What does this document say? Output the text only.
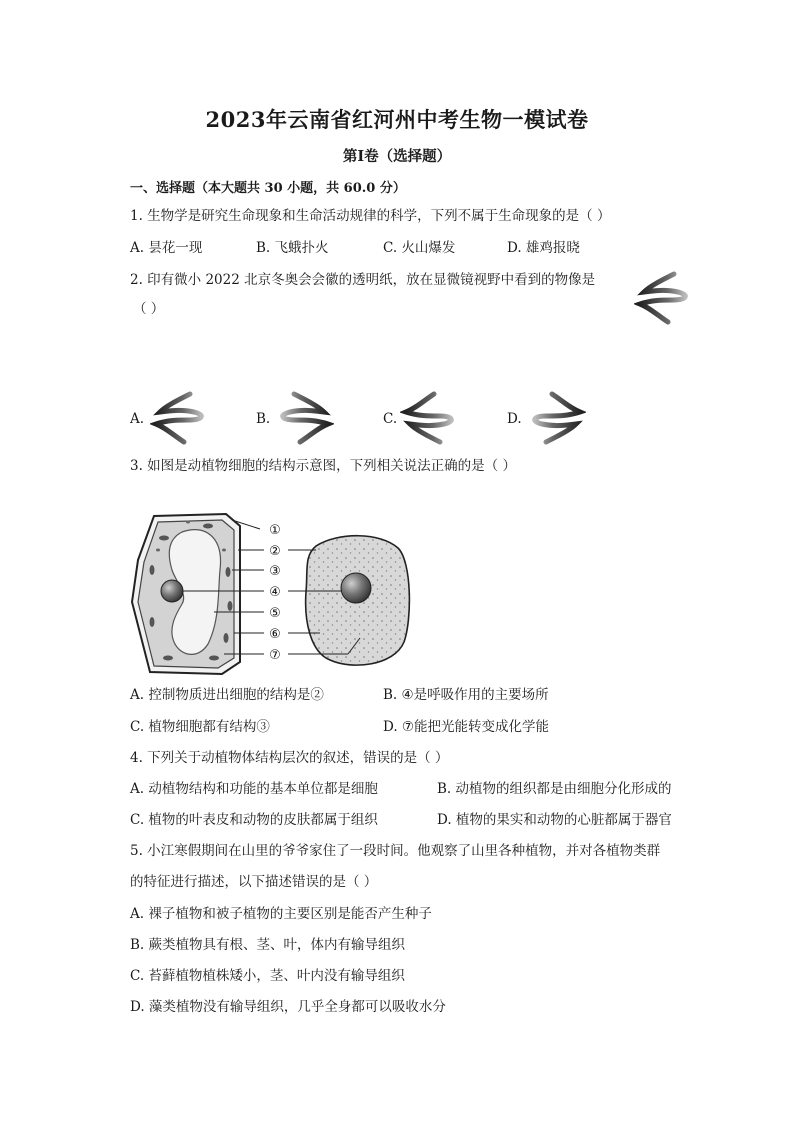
2023年云南省红河州中考生物一模试卷
第I卷（选择题）
一、选择题（本大题共 30 小题，共 60.0 分）
1. 生物学是研究生命现象和生命活动规律的科学，下列不属于生命现象的是（ ）
A. 昙花一现	B. 飞蛾扑火	C. 火山爆发	D. 雄鸡报晓
2. 印有微小 2022 北京冬奥会会徽的透明纸，放在显微镜视野中看到的物像是
（ ）
A.	B.	C.	D.
3. 如图是动植物细胞的结构示意图，下列相关说法正确的是（ ）
①
②
③
④
⑤
⑥
⑦
A. 控制物质进出细胞的结构是②	B. ④是呼吸作用的主要场所
C. 植物细胞都有结构③	D. ⑦能把光能转变成化学能
4. 下列关于动植物体结构层次的叙述，错误的是（ ）
A. 动植物结构和功能的基本单位都是细胞	B. 动植物的组织都是由细胞分化形成的
C. 植物的叶表皮和动物的皮肤都属于组织	D. 植物的果实和动物的心脏都属于器官
5. 小江寒假期间在山里的爷爷家住了一段时间。他观察了山里各种植物，并对各植物类群
的特征进行描述，以下描述错误的是（ ）
A. 裸子植物和被子植物的主要区别是能否产生种子
B. 蕨类植物具有根、茎、叶，体内有输导组织
C. 苔藓植物植株矮小，茎、叶内没有输导组织
D. 藻类植物没有输导组织，几乎全身都可以吸收水分
